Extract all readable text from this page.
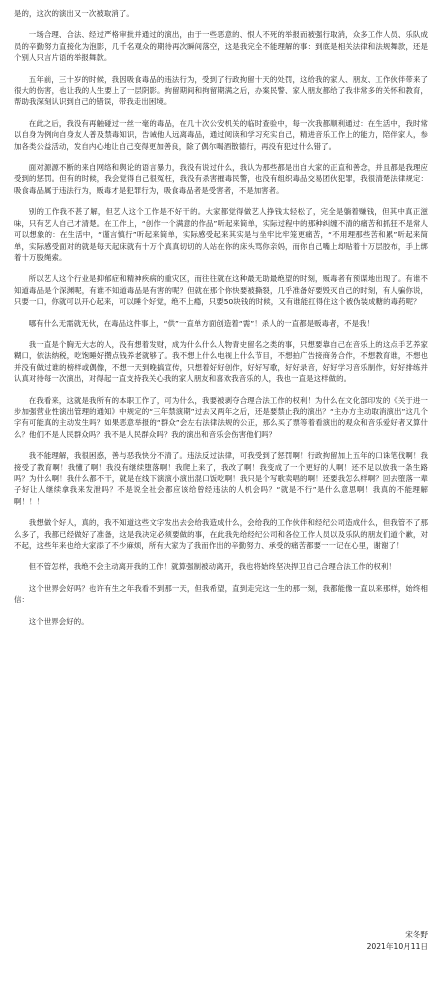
是的，这次的演出又一次被取消了。

一场合理、合法、经过严格审批并通过的演出，由于一些恶意的、恨人不死的举报而被强行取消，众多工作人员、乐队成员的辛勤努力直接化为泡影，几千名观众的期待再次瞬间落空，这是我完全不能理解的事：到底是相关法律和法规舞款，还是个别人只言片语的举报舞款。

五年前，三十岁的时候，我因吸食毒品的违法行为，受到了行政拘留十天的处罚，这给我的家人、朋友、工作伙伴带来了很大的伤害，也让我的人生要上了一层阴影。拘留期间和拘留期满之后，办案民警、家人朋友都给了我非常多的关怀和教育，帮助我深刻认识到自己的错误，带我走出困境。

在此之后，我没有再触碰过一丝一毫的毒品，在几十次公安机关的临时查验中，每一次我都顺利通过：在生活中，我时常以自身为例向自身友人普及禁毒知识，告诫他人远离毒品，通过阅读和学习充实自己，精进音乐工作上的能力，陪伴家人，参加各类公益活动，发自内心地让自己变得更加善良，除了偶尔喝酒散德行，再没有犯过什么错了。

面对源源不断的来自网络和舆论的语言暴力，我没有说过什么，我认为那些都是出自大家的正直和善念，并且都是我理应受到的惩罚。但有的时候，我会觉得自己很冤枉，我没有杀害摧毒民警，也没有组织毒品交易团伙犯罪，我很清楚法律规定：吸食毒品属于违法行为，贩毒才是犯罪行为，吸食毒品者是受害者，不是加害者。

别的工作我不甚了解，但艺人这个工作是不好干的。大家都觉得做艺人挣钱太轻松了，完全是躺着赚钱，但其中真正滋味，只有艺人自己才清楚。在工作上，“创作一个满意的作品”听起来简单，实际过程中的那种纠缠不清的痛苦和抓狂不是常人可以想象的：在生活中，“谨言慎行”听起来简单，实际感受起来其实是与坐牢比牢笼更痛苦，“不用理那些苦和累”听起来简单，实际感受面对的就是每天起床就有十万个真真切切的人站在你的床头骂你亲妈，而你自己嘴上却贴着十万层胶布，手上绑着十万股绳索。

所以艺人这个行业是抑郁症和精神疾病的重灾区，而往往就在这种最无助最绝望的时刻，贩毒者有预谋地出现了。有谁不知道毒品是个深渊呢，有谁不知道毒品是有害的呢？但就在那个你快要被撕裂，几乎准备好要毁灭自己的时刻，有人骗你说，只要一口，你就可以开心起来，可以睡个好觉，绝不上瘾，只要50块钱的时候，又有谁能扛得住这个被伪装成糖的毒药呢？

哪有什么无需就无伙，在毒品这件事上，“供”一直单方面创造着“需”！杀人的一直都是贩毒者，不是我！

我一直是个胸无大志的人，没有想着发财，成为什么什么人物青史留名之类的事，只想要靠自己在音乐上的这点手艺养家糊口，依法纳税，吃饱睡好攒点钱养老就够了。我不想上什么电视上什么节目，不想拍广告接商务合作，不想教育谁，不想也并没有做过谁的榜样或偶像，不想一天到晚搞宣传，只想着好好创作，好好写歌，好好录音，好好学习音乐制作，好好排练并认真对待每一次演出，对得起一直支持我关心我的家人朋友和喜欢我音乐的人，我也一直是这样做的。

在我看来，这就是我所有的本职工作了，可为什么，我要被剥夺合理合法工作的权利！为什么在文化部印发的《关于进一步加强营业性演出管理的通知》中规定的“三年禁演期”过去又两年之后，还是要禁止我的演出？“主办方主动取消演出”这几个字有可能真的主动发生吗？如果恶意举报的“群众”会左右法律法规的公正，那么买了票等着看演出的观众和音乐爱好者又算什么？他们不是人民群众吗？我不是人民群众吗？我的演出和音乐会伤害他们吗？

我不能理解，我很困惑，善与恶我快分不清了。违法反过法律，可我受到了惩罚啊！行政拘留加上五年的口诛笔伐啊！我接受了教育啊！我懂了啊！我没有继续堕落啊！我爬上来了，我改了啊！我变成了一个更好的人啊！还不足以放我一条生路吗？为什么啊！我什么都不干，就是在线下演演小演出混口饭吃啊！我只是个写歌卖唱的啊！还要我怎么样啊？回去堕落一辈子好让人继续拿我来发泄吗？不是说全社会都应该给曾经违法的人机会吗？“就是不行”是什么意思啊！我真的不能理解啊！！！

我想做个好人，真的，我不知道这些文字发出去会给我造成什么，会给我的工作伙伴和经纪公司造成什么，但我管不了那么多了，我都已经做好了准备，这是我决定必须要做的事，在此我先给经纪公司和各位工作人员以及乐队的朋友们道个歉，对不起，这些年来也给大家添了不少麻烦，所有大家为了我而作出的辛勤努力、承受的痛苦都要一一记在心里，谢谢了！

但不管怎样，我绝不会主动离开我的工作！就算强制被动离开，我也将始终坚决捍卫自己合理合法工作的权利！

这个世界会好吗？也许有生之年我看不到那一天，但我希望，直到走完这一生的那一刻，我都能像一直以来那样，始终相信：

这个世界会好的。

宋冬野
2021年10月11日
